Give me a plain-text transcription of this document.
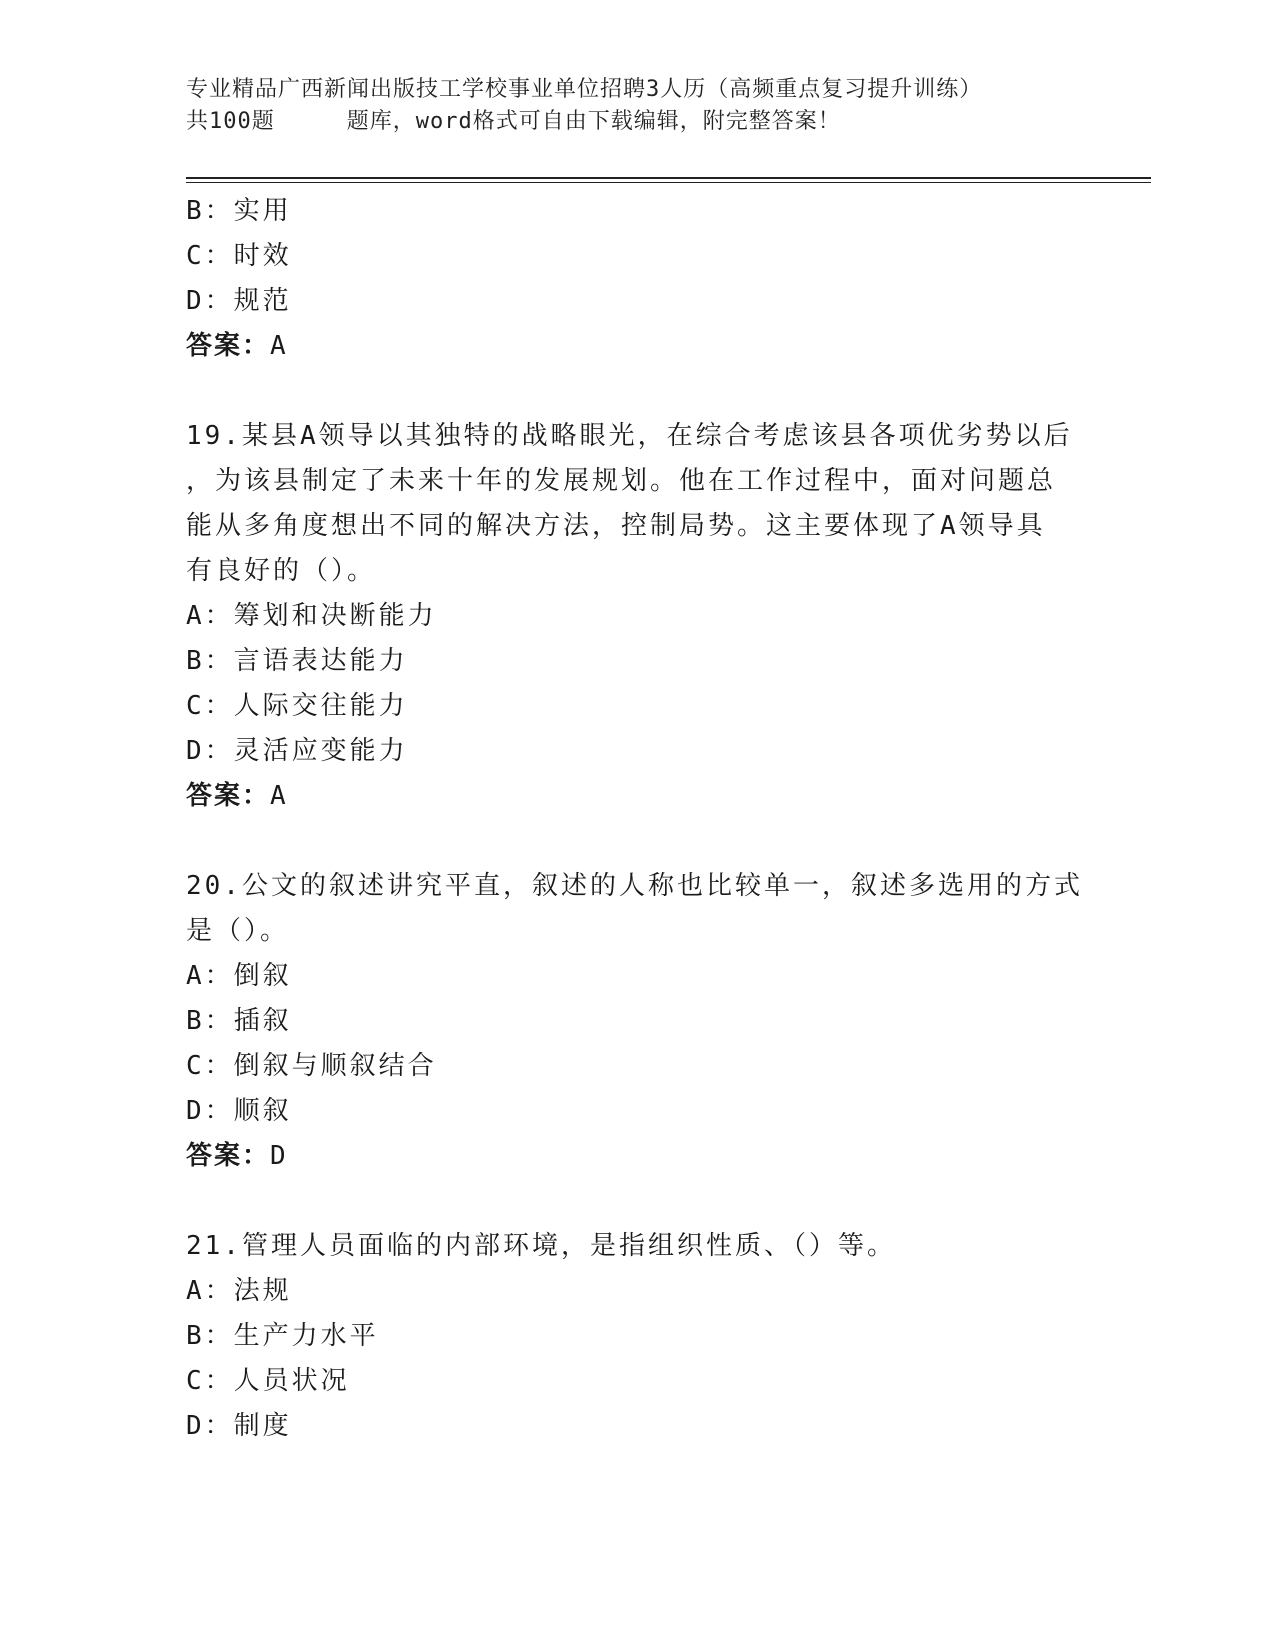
专业精品广西新闻出版技工学校事业单位招聘3人历（高频重点复习提升训练）
共100题	题库，word格式可自由下载编辑，附完整答案！
B：实用
C：时效
D：规范
答案：A
19.某县A领导以其独特的战略眼光，在综合考虑该县各项优劣势以后
，为该县制定了未来十年的发展规划。他在工作过程中，面对问题总
能从多角度想出不同的解决方法，控制局势。这主要体现了A领导具
有良好的（）。
A：筹划和决断能力
B：言语表达能力
C：人际交往能力
D：灵活应变能力
答案：A
20.公文的叙述讲究平直，叙述的人称也比较单一，叙述多选用的方式
是（）。
A：倒叙
B：插叙
C：倒叙与顺叙结合
D：顺叙
答案：D
21.管理人员面临的内部环境，是指组织性质、（）等。
A：法规
B：生产力水平
C：人员状况
D：制度
